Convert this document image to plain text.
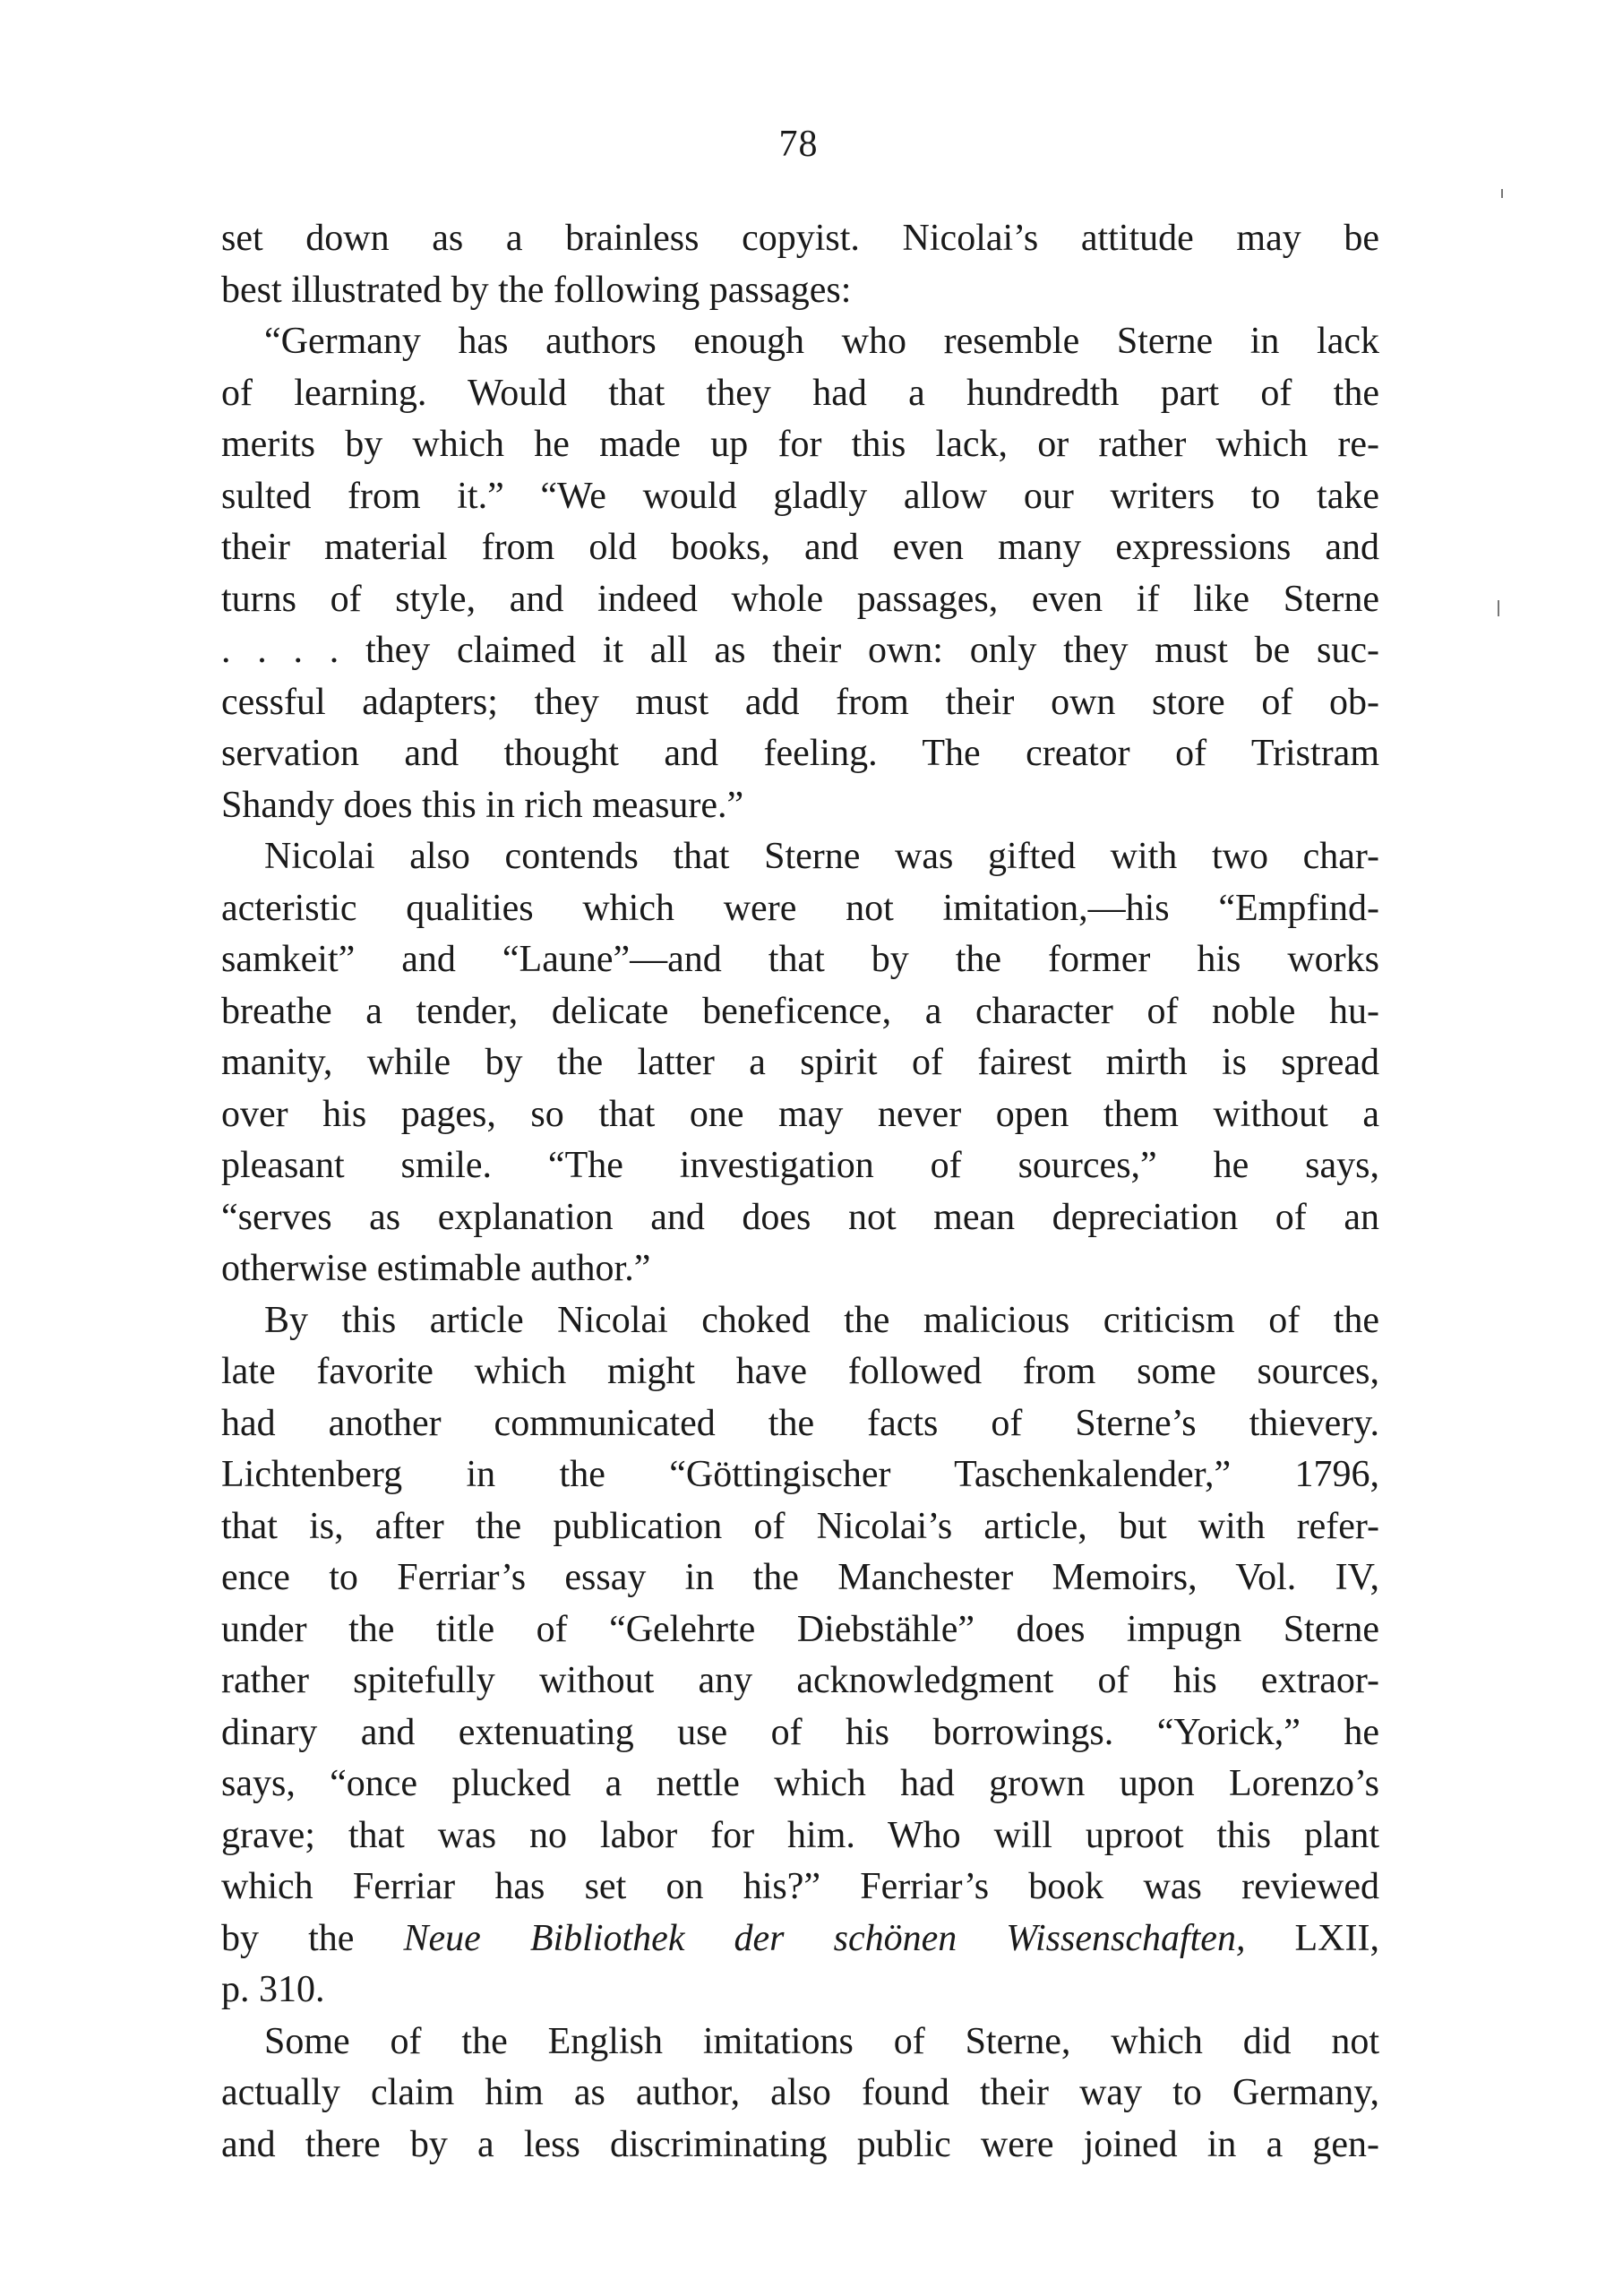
78
set down as a brainless copyist. Nicolai’s attitude may be
best illustrated by the following passages:
“Germany has authors enough who resemble Sterne in lack
of learning. Would that they had a hundredth part of the
merits by which he made up for this lack, or rather which re-
sulted from it.” “We would gladly allow our writers to take
their material from old books, and even many expressions and
turns of style, and indeed whole passages, even if like Sterne
. . . . they claimed it all as their own: only they must be suc-
cessful adapters; they must add from their own store of ob-
servation and thought and feeling. The creator of Tristram
Shandy does this in rich measure.”
Nicolai also contends that Sterne was gifted with two char-
acteristic qualities which were not imitation,—his “Empfind-
samkeit” and “Laune”—and that by the former his works
breathe a tender, delicate beneficence, a character of noble hu-
manity, while by the latter a spirit of fairest mirth is spread
over his pages, so that one may never open them without a
pleasant smile. “The investigation of sources,” he says,
“serves as explanation and does not mean depreciation of an
otherwise estimable author.”
By this article Nicolai choked the malicious criticism of the
late favorite which might have followed from some sources,
had another communicated the facts of Sterne’s thievery.
Lichtenberg in the “Göttingischer Taschenkalender,” 1796,
that is, after the publication of Nicolai’s article, but with refer-
ence to Ferriar’s essay in the Manchester Memoirs, Vol. IV,
under the title of “Gelehrte Diebstähle” does impugn Sterne
rather spitefully without any acknowledgment of his extraor-
dinary and extenuating use of his borrowings. “Yorick,” he
says, “once plucked a nettle which had grown upon Lorenzo’s
grave; that was no labor for him. Who will uproot this plant
which Ferriar has set on his?” Ferriar’s book was reviewed
by the Neue Bibliothek der schönen Wissenschaften, LXII,
p. 310.
Some of the English imitations of Sterne, which did not
actually claim him as author, also found their way to Germany,
and there by a less discriminating public were joined in a gen-
